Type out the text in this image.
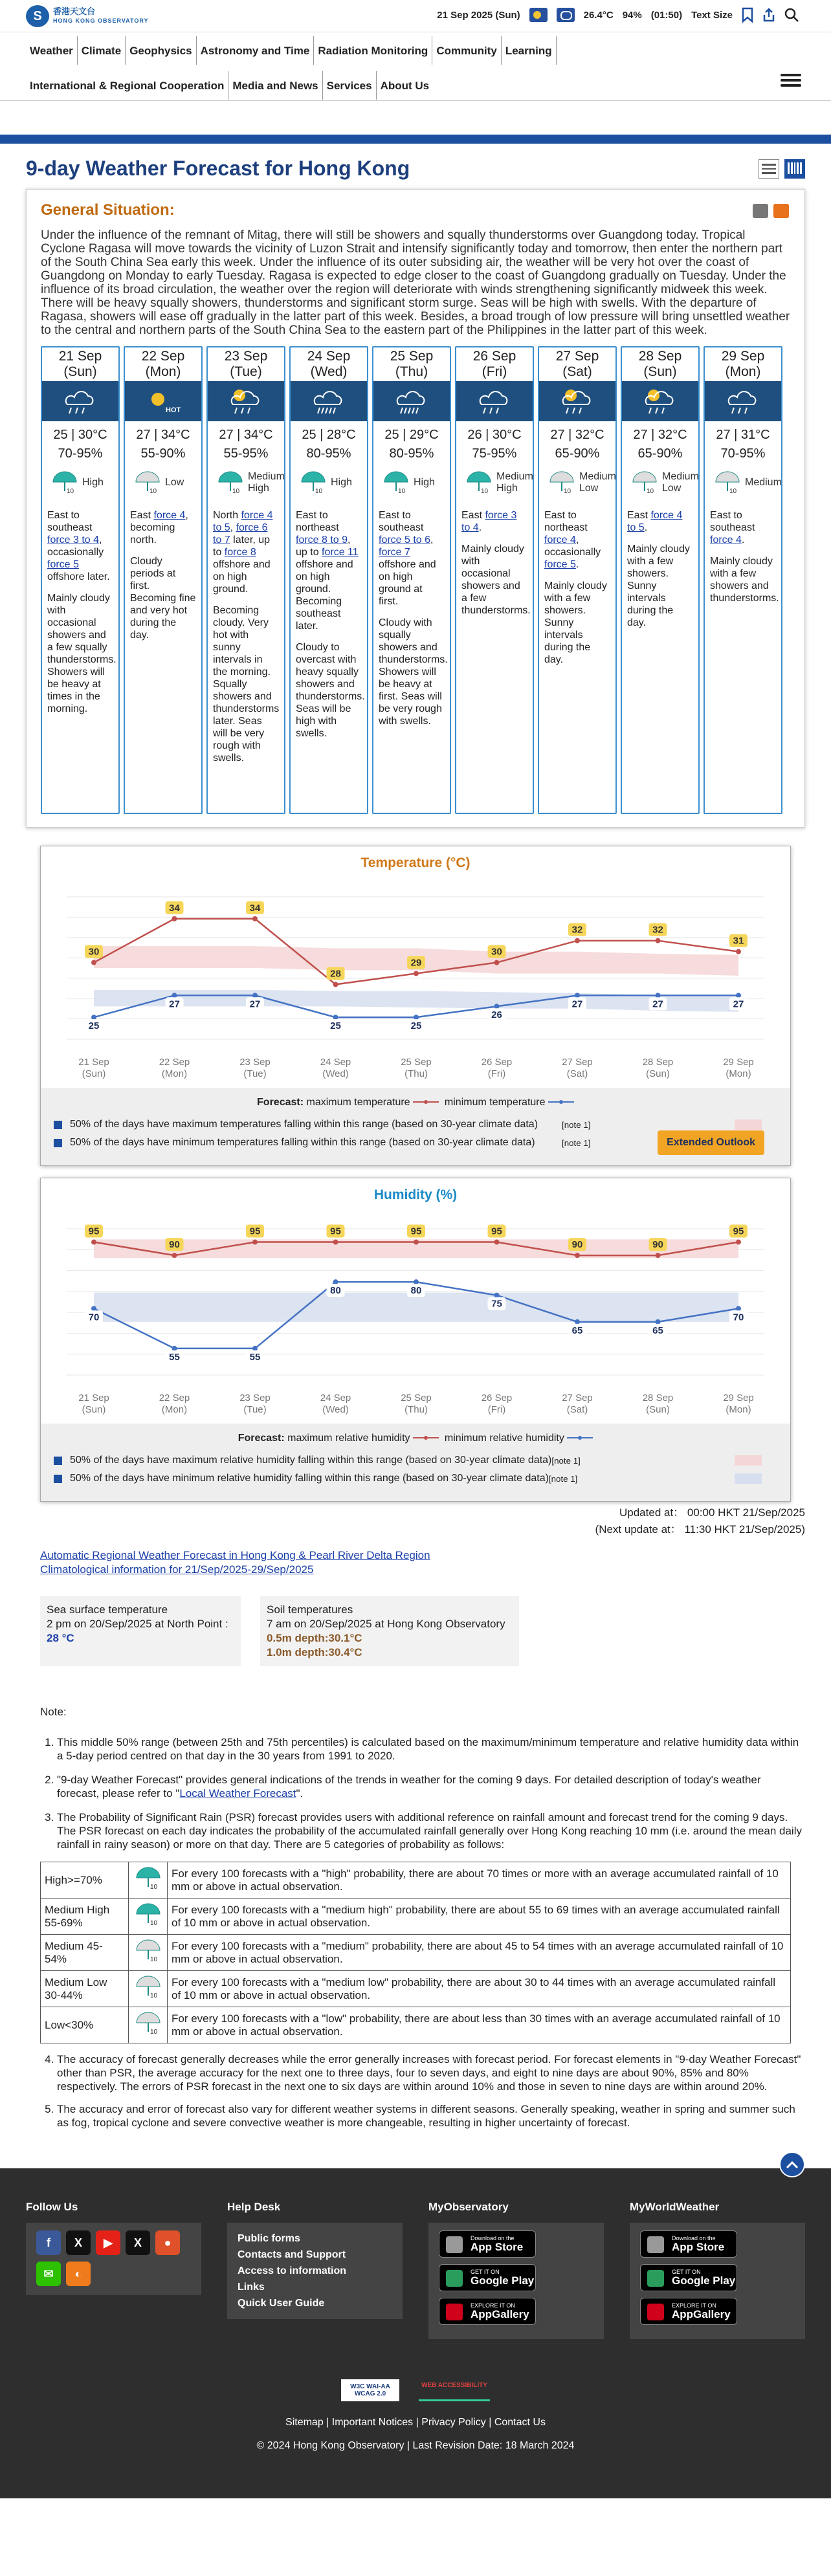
S	香港天文台
HONG KONG OBSERVATORY
21 Sep 2025 (Sun)	26.4°C 94% (01:50) Text Size
Weather Climate Geophysics Astronomy and Time Radiation Monitoring Community Learning
International & Regional Cooperation Media and News Services About Us
9-day Weather Forecast for Hong Kong
General Situation:
Under the influence of the remnant of Mitag, there will still be showers and squally thunderstorms over Guangdong today. Tropical Cyclone Ragasa will move towards the vicinity of Luzon Strait and intensify significantly today and tomorrow, then enter the northern part of the South China Sea early this week. Under the influence of its outer subsiding air, the weather will be very hot over the coast of Guangdong on Monday to early Tuesday. Ragasa is expected to edge closer to the coast of Guangdong gradually on Tuesday. Under the influence of its broad circulation, the weather over the region will deteriorate with winds strengthening significantly midweek this week. There will be heavy squally showers, thunderstorms and significant storm surge. Seas will be high with swells. With the departure of Ragasa, showers will ease off gradually in the latter part of this week. Besides, a broad trough of low pressure will bring unsettled weather to the central and northern parts of the South China Sea to the eastern part of the Philippines in the latter part of this week.
21 Sep
(Sun)
25 | 30°C
70-95%
10
High
East to southeast force 3 to 4, occasionally force 5 offshore later.
Mainly cloudy with occasional showers and a few squally thunderstorms. Showers will be heavy at times in the morning.
22 Sep
(Mon)
HOT
27 | 34°C
55-90%
10
Low
East force 4, becoming north.
Cloudy periods at first. Becoming fine and very hot during the day.
23 Sep
(Tue)
27 | 34°C
55-95%
10
Medium High
North force 4 to 5, force 6 to 7 later, up to force 8 offshore and on high ground.
Becoming cloudy. Very hot with sunny intervals in the morning. Squally showers and thunderstorms later. Seas will be very rough with swells.
24 Sep
(Wed)
25 | 28°C
80-95%
10
High
East to northeast force 8 to 9, up to force 11 offshore and on high ground. Becoming southeast later.
Cloudy to overcast with heavy squally showers and thunderstorms. Seas will be high with swells.
25 Sep
(Thu)
25 | 29°C
80-95%
10
High
East to southeast force 5 to 6, force 7 offshore and on high ground at first.
Cloudy with squally showers and thunderstorms. Showers will be heavy at first. Seas will be very rough with swells.
26 Sep
(Fri)
26 | 30°C
75-95%
10
Medium High
East force 3 to 4.
Mainly cloudy with occasional showers and a few thunderstorms.
27 Sep
(Sat)
27 | 32°C
65-90%
10
Medium Low
East to northeast force 4, occasionally force 5.
Mainly cloudy with a few showers. Sunny intervals during the day.
28 Sep
(Sun)
27 | 32°C
65-90%
10
Medium Low
East force 4 to 5.
Mainly cloudy with a few showers. Sunny intervals during the day.
29 Sep
(Mon)
27 | 31°C
70-95%
10
Medium
East to southeast force 4.
Mainly cloudy with a few showers and thunderstorms.
Temperature (°C)
30
34	34
28
29
30
32	32
31
25
27	27
25	25
26
27	27	27
21 Sep
(Sun)
22 Sep
(Mon)
23 Sep
(Tue)
24 Sep
(Wed)
25 Sep
(Thu)
26 Sep
(Fri)
27 Sep
(Sat)
28 Sep
(Sun)
29 Sep
(Mon)
Forecast: maximum temperature	minimum temperature
50% of the days have maximum temperatures falling within this range (based on 30-year climate data)	[note 1]
50% of the days have minimum temperatures falling within this range (based on 30-year climate data)	[note 1]	Extended Outlook
Humidity (%)
95
90
95	95	95	95
90	90
95
70
55	55
80	80
75
65	65
70
21 Sep
(Sun)
22 Sep
(Mon)
23 Sep
(Tue)
24 Sep
(Wed)
25 Sep
(Thu)
26 Sep
(Fri)
27 Sep
(Sat)
28 Sep
(Sun)
29 Sep
(Mon)
Forecast: maximum relative humidity	minimum relative humidity
50% of the days have maximum relative humidity falling within this range (based on 30-year climate data) [note 1]
50% of the days have minimum relative humidity falling within this range (based on 30-year climate data) [note 1]
Updated at： 00:00 HKT 21/Sep/2025
(Next update at： 11:30 HKT 21/Sep/2025)
Automatic Regional Weather Forecast in Hong Kong & Pearl River Delta Region
Climatological information for 21/Sep/2025-29/Sep/2025
Sea surface temperature
2 pm on 20/Sep/2025 at North Point :
28 °C
Soil temperatures
7 am on 20/Sep/2025 at Hong Kong Observatory
0.5m depth:30.1°C
1.0m depth:30.4°C
Note:
1. This middle 50% range (between 25th and 75th percentiles) is calculated based on the maximum/minimum temperature and relative humidity data within a 5-day period centred on that day in the 30 years from 1991 to 2020.
2. "9-day Weather Forecast" provides general indications of the trends in weather for the coming 9 days. For detailed description of today's weather forecast, please refer to "Local Weather Forecast".
3. The Probability of Significant Rain (PSR) forecast provides users with additional reference on rainfall amount and forecast trend for the coming 9 days. The PSR forecast on each day indicates the probability of the accumulated rainfall generally over Hong Kong reaching 10 mm (i.e. around the mean daily rainfall in rainy season) or more on that day. There are 5 categories of probability as follows:
High>=70%	10	For every 100 forecasts with a "high" probability, there are about 70 times or more with an average accumulated rainfall of 10 mm or above in actual observation.
Medium High 55-69%	10	For every 100 forecasts with a "medium high" probability, there are about 55 to 69 times with an average accumulated rainfall of 10 mm or above in actual observation.
Medium 45-54%	10	For every 100 forecasts with a "medium" probability, there are about 45 to 54 times with an average accumulated rainfall of 10 mm or above in actual observation.
Medium Low 30-44%	10	For every 100 forecasts with a "medium low" probability, there are about 30 to 44 times with an average accumulated rainfall of 10 mm or above in actual observation.
Low<30%	10	For every 100 forecasts with a "low" probability, there are about less than 30 times with an average accumulated rainfall of 10 mm or above in actual observation.
4. The accuracy of forecast generally decreases while the error generally increases with forecast period. For forecast elements in "9-day Weather Forecast" other than PSR, the average accuracy for the next one to three days, four to seven days, and eight to nine days are about 90%, 85% and 80% respectively. The errors of PSR forecast in the next one to six days are within around 10% and those in seven to nine days are within around 20%.
5. The accuracy and error of forecast also vary for different weather systems in different seasons. Generally speaking, weather in spring and summer such as fog, tropical cyclone and severe convective weather is more changeable, resulting in higher uncertainty of forecast.
Follow Us
f	X	▶	X	●
✉	◐
Help Desk
Public forms
Contacts and Support
Access to information
Links
Quick User Guide
MyObservatory
Download on the
App Store
GET IT ON
Google Play
EXPLORE IT ON
AppGallery
MyWorldWeather
Download on the
App Store
GET IT ON
Google Play
EXPLORE IT ON
AppGallery
W3C WAI-AA WCAG 2.0
WEB ACCESSIBILITY
Sitemap | Important Notices | Privacy Policy | Contact Us
© 2024 Hong Kong Observatory | Last Revision Date: 18 March 2024
